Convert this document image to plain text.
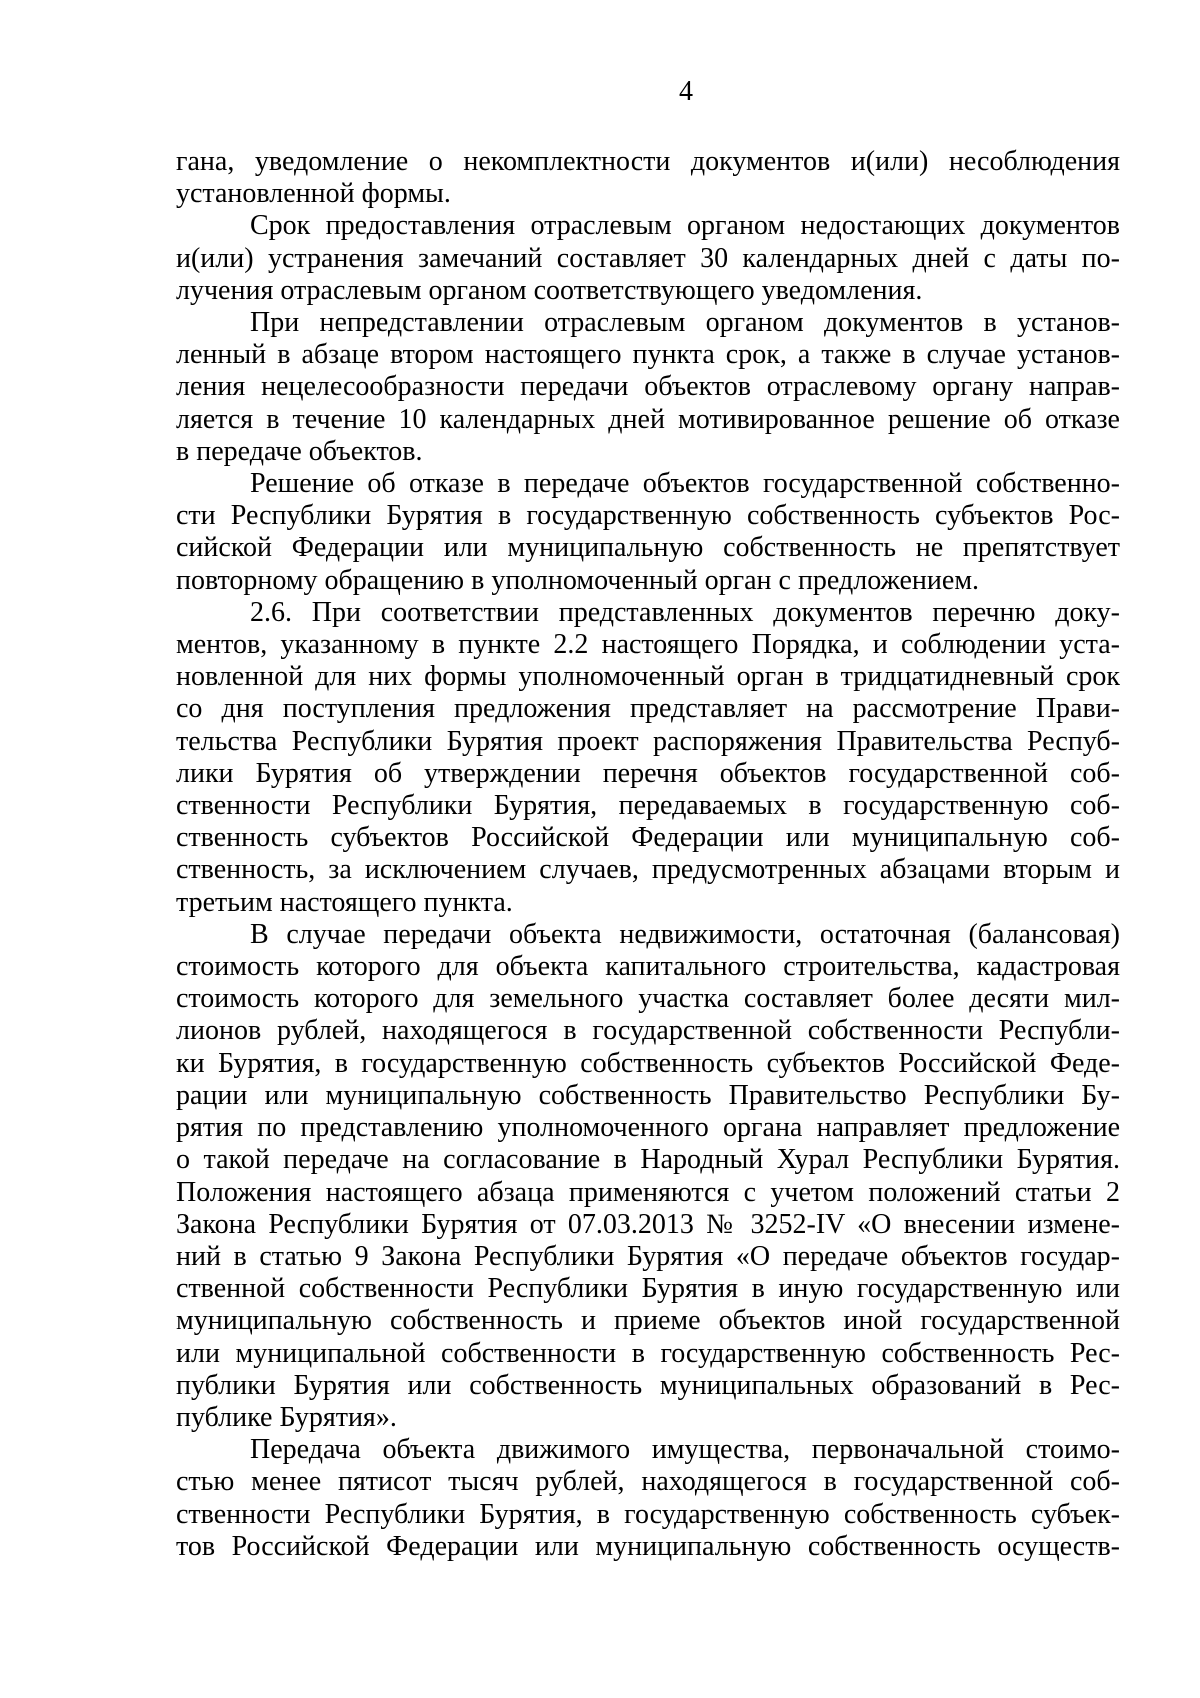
4
гана, уведомление о некомплектности документов и(или) несоблюдения
установленной формы.
Срок предоставления отраслевым органом недостающих документов
и(или) устранения замечаний составляет 30 календарных дней с даты по-
лучения отраслевым органом соответствующего уведомления.
При непредставлении отраслевым органом документов в установ-
ленный в абзаце втором настоящего пункта срок, а также в случае установ-
ления нецелесообразности передачи объектов отраслевому органу направ-
ляется в течение 10 календарных дней мотивированное решение об отказе
в передаче объектов.
Решение об отказе в передаче объектов государственной собственно-
сти Республики Бурятия в государственную собственность субъектов Рос-
сийской Федерации или муниципальную собственность не препятствует
повторному обращению в уполномоченный орган с предложением.
2.6. При соответствии представленных документов перечню доку-
ментов, указанному в пункте 2.2 настоящего Порядка, и соблюдении уста-
новленной для них формы уполномоченный орган в тридцатидневный срок
со дня поступления предложения представляет на рассмотрение Прави-
тельства Республики Бурятия проект распоряжения Правительства Респуб-
лики Бурятия об утверждении перечня объектов государственной соб-
ственности Республики Бурятия, передаваемых в государственную соб-
ственность субъектов Российской Федерации или муниципальную соб-
ственность, за исключением случаев, предусмотренных абзацами вторым и
третьим настоящего пункта.
В случае передачи объекта недвижимости, остаточная (балансовая)
стоимость которого для объекта капитального строительства, кадастровая
стоимость которого для земельного участка составляет более десяти мил-
лионов рублей, находящегося в государственной собственности Республи-
ки Бурятия, в государственную собственность субъектов Российской Феде-
рации или муниципальную собственность Правительство Республики Бу-
рятия по представлению уполномоченного органа направляет предложение
о такой передаче на согласование в Народный Хурал Республики Бурятия.
Положения настоящего абзаца применяются с учетом положений статьи 2
Закона Республики Бурятия от 07.03.2013 № 3252-IV «О внесении измене-
ний в статью 9 Закона Республики Бурятия «О передаче объектов государ-
ственной собственности Республики Бурятия в иную государственную или
муниципальную собственность и приеме объектов иной государственной
или муниципальной собственности в государственную собственность Рес-
публики Бурятия или собственность муниципальных образований в Рес-
публике Бурятия».
Передача объекта движимого имущества, первоначальной стоимо-
стью менее пятисот тысяч рублей, находящегося в государственной соб-
ственности Республики Бурятия, в государственную собственность субъек-
тов Российской Федерации или муниципальную собственность осуществ-
